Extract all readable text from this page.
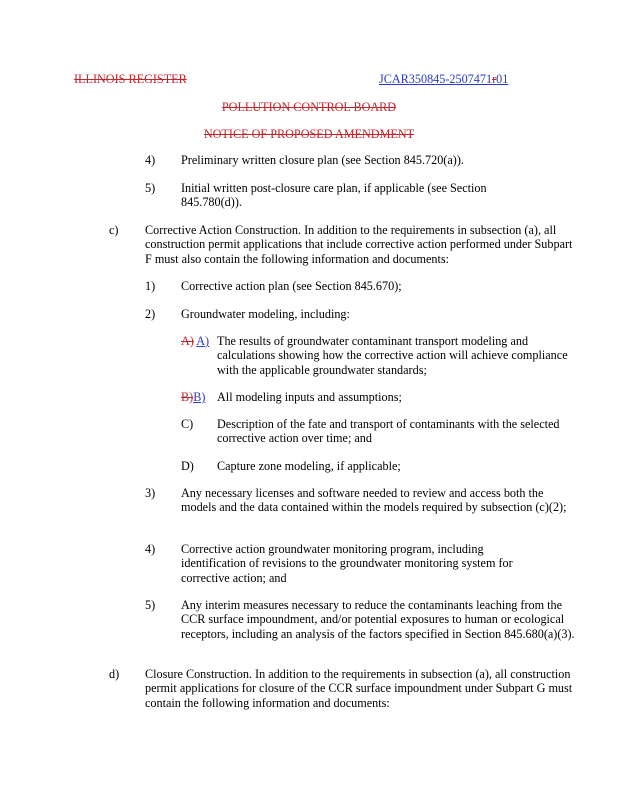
ILLINOIS REGISTER	JCAR350845-2507471r01
POLLUTION CONTROL BOARD
NOTICE OF PROPOSED AMENDMENT
4) Preliminary written closure plan (see Section 845.720(a)).
5) Initial written post-closure care plan, if applicable (see Section 845.780(d)).
c) Corrective Action Construction. In addition to the requirements in subsection (a), all construction permit applications that include corrective action performed under Subpart F must also contain the following information and documents:
1) Corrective action plan (see Section 845.670);
2) Groundwater modeling, including:
A) A) The results of groundwater contaminant transport modeling and calculations showing how the corrective action will achieve compliance with the applicable groundwater standards;
B)B) All modeling inputs and assumptions;
C) Description of the fate and transport of contaminants with the selected corrective action over time; and
D) Capture zone modeling, if applicable;
3) Any necessary licenses and software needed to review and access both the models and the data contained within the models required by subsection (c)(2);
4) Corrective action groundwater monitoring program, including identification of revisions to the groundwater monitoring system for corrective action; and
5) Any interim measures necessary to reduce the contaminants leaching from the CCR surface impoundment, and/or potential exposures to human or ecological receptors, including an analysis of the factors specified in Section 845.680(a)(3).
d) Closure Construction. In addition to the requirements in subsection (a), all construction permit applications for closure of the CCR surface impoundment under Subpart G must contain the following information and documents:
